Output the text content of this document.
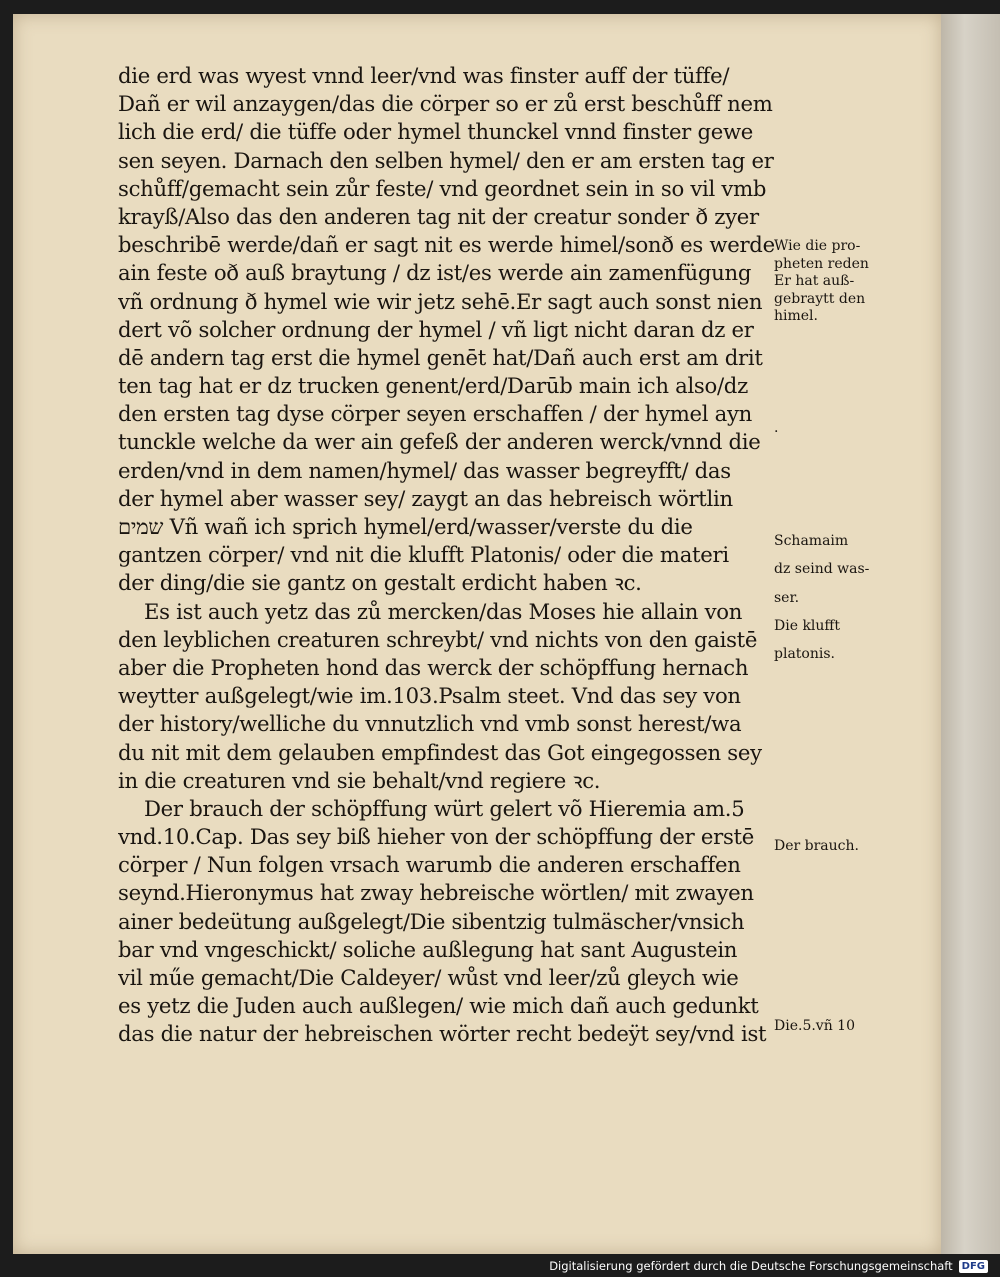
die erd was wyest vnnd leer/vnd was finster auff der tüffe/
Dañ er wil anzaygen/das die cörper so er zů erst beschůff nem
lich die erd/ die tüffe oder hymel thunckel vnnd finster gewe
sen seyen. Darnach den selben hymel/ den er am ersten tag er
schůff/gemacht sein zůr feste/ vnd geordnet sein in so vil vmb
krayß/Also das den anderen tag nit der creatur sonder ð zyer
beschribē werde/dañ er sagt nit es werde himel/sonð es werde
ain feste oð auß braytung / dz ist/es werde ain zamenfügung
vñ ordnung ð hymel wie wir jetz sehē.Er sagt auch sonst nien
dert võ solcher ordnung der hymel / vñ ligt nicht daran dz er
dē andern tag erst die hymel genēt hat/Dañ auch erst am drit
ten tag hat er dz trucken genent/erd/Darūb main ich also/dz
den ersten tag dyse cörper seyen erschaffen / der hymel ayn
tunckle welche da wer ain gefeß der anderen werck/vnnd die
erden/vnd in dem namen/hymel/ das wasser begreyfft/ das
der hymel aber wasser sey/ zaygt an das hebreisch wörtlin
שמים Vñ wañ ich sprich hymel/erd/wasser/verste du die
gantzen cörper/ vnd nit die klufft Platonis/ oder die materi
der ding/die sie gantz on gestalt erdicht haben ꝛc.
Es ist auch yetz das zů mercken/das Moses hie allain von
den leyblichen creaturen schreybt/ vnd nichts von den gaistē
aber die Propheten hond das werck der schöpffung hernach
weytter außgelegt/wie im.103.Psalm steet. Vnd das sey von
der history/welliche du vnnutzlich vnd vmb sonst herest/wa
du nit mit dem gelauben empfindest das Got eingegossen sey
in die creaturen vnd sie behalt/vnd regiere ꝛc.
Der brauch der schöpffung würt gelert võ Hieremia am.5
vnd.10.Cap. Das sey biß hieher von der schöpffung der erstē
cörper / Nun folgen vrsach warumb die anderen erschaffen
seynd.Hieronymus hat zway hebreische wörtlen/ mit zwayen
ainer bedeütung außgelegt/Die sibentzig tulmäscher/vnsich
bar vnd vngeschickt/ soliche außlegung hat sant Augustein
vil műe gemacht/Die Caldeyer/ wůst vnd leer/zů gleych wie
es yetz die Juden auch außlegen/ wie mich dañ auch gedunkt
das die natur der hebreischen wörter recht bedeÿt sey/vnd ist
Wie die pro-
pheten reden
Er hat auß-
gebraytt den
himel.
.
Schamaim
dz seind was-
ser.
Die klufft
platonis.
Der brauch.
Die.5.vñ 10
Digitalisierung gefördert durch die Deutsche Forschungsgemeinschaft DFG
